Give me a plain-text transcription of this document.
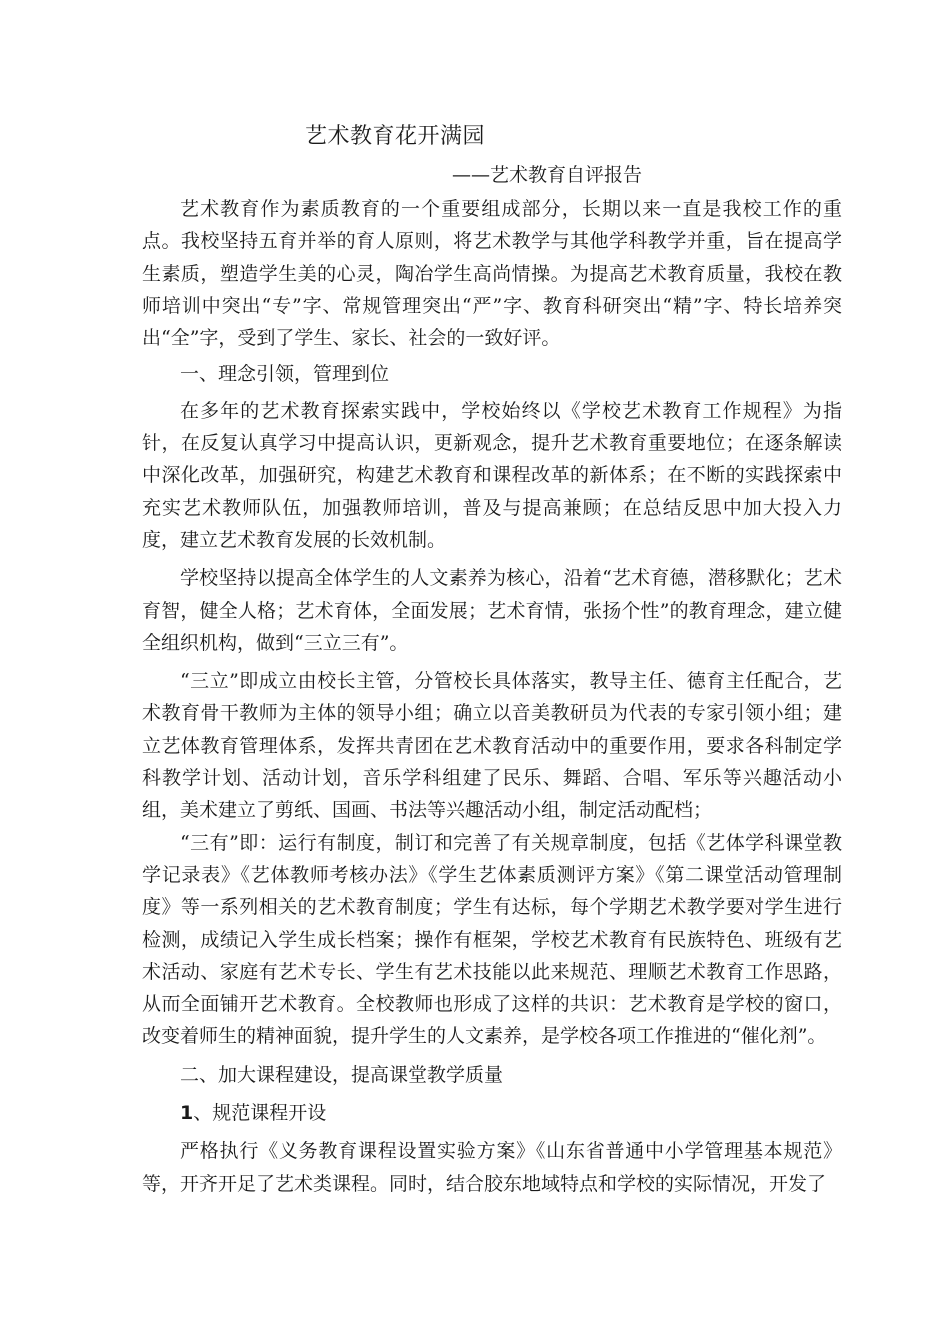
艺术教育花开满园
——艺术教育自评报告

艺术教育作为素质教育的一个重要组成部分，长期以来一直是我校工作的重点。我校坚持五育并举的育人原则，将艺术教学与其他学科教学并重，旨在提高学生素质，塑造学生美的心灵，陶冶学生高尚情操。为提高艺术教育质量，我校在教师培训中突出“专”字、常规管理突出“严”字、教育科研突出“精”字、特长培养突出“全”字，受到了学生、家长、社会的一致好评。

一、理念引领，管理到位

在多年的艺术教育探索实践中，学校始终以《学校艺术教育工作规程》为指针，在反复认真学习中提高认识，更新观念，提升艺术教育重要地位；在逐条解读中深化改革，加强研究，构建艺术教育和课程改革的新体系；在不断的实践探索中充实艺术教师队伍，加强教师培训，普及与提高兼顾；在总结反思中加大投入力度，建立艺术教育发展的长效机制。

学校坚持以提高全体学生的人文素养为核心，沿着“艺术育德，潜移默化；艺术育智，健全人格；艺术育体，全面发展；艺术育情，张扬个性”的教育理念，建立健全组织机构，做到“三立三有”。

“三立”即成立由校长主管，分管校长具体落实，教导主任、德育主任配合，艺术教育骨干教师为主体的领导小组；确立以音美教研员为代表的专家引领小组；建立艺体教育管理体系，发挥共青团在艺术教育活动中的重要作用，要求各科制定学科教学计划、活动计划，音乐学科组建了民乐、舞蹈、合唱、军乐等兴趣活动小组，美术建立了剪纸、国画、书法等兴趣活动小组，制定活动配档；

“三有”即：运行有制度，制订和完善了有关规章制度，包括《艺体学科课堂教学记录表》《艺体教师考核办法》《学生艺体素质测评方案》《第二课堂活动管理制度》等一系列相关的艺术教育制度；学生有达标，每个学期艺术教学要对学生进行检测，成绩记入学生成长档案；操作有框架，学校艺术教育有民族特色、班级有艺术活动、家庭有艺术专长、学生有艺术技能以此来规范、理顺艺术教育工作思路，从而全面铺开艺术教育。全校教师也形成了这样的共识：艺术教育是学校的窗口，改变着师生的精神面貌，提升学生的人文素养，是学校各项工作推进的“催化剂”。

二、加大课程建设，提高课堂教学质量

1、规范课程开设

严格执行《义务教育课程设置实验方案》《山东省普通中小学管理基本规范》等，开齐开足了艺术类课程。同时，结合胶东地域特点和学校的实际情况，开发了
